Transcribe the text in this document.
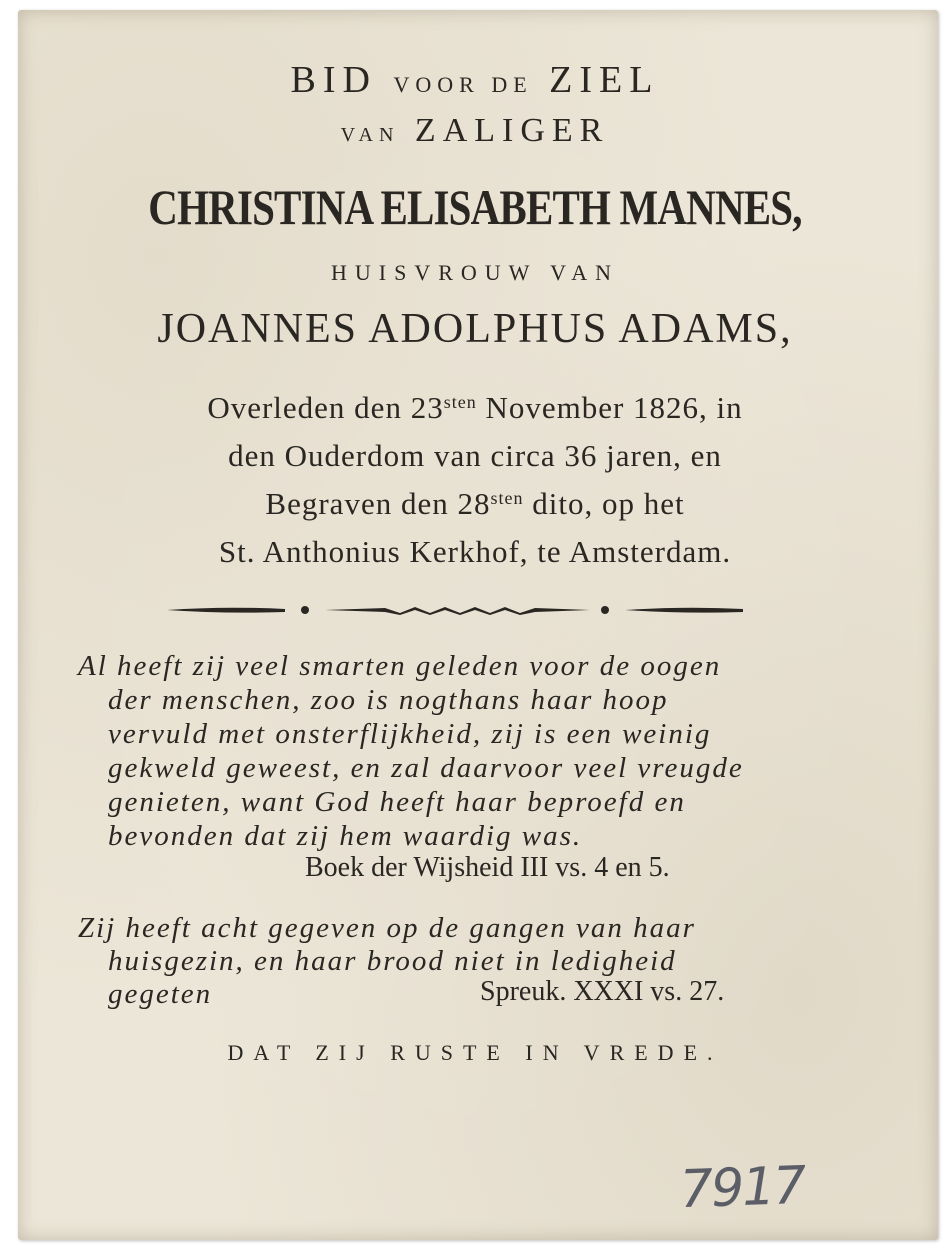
BID VOOR DE ZIEL
VAN ZALIGER
CHRISTINA ELISABETH MANNES,
HUISVROUW VAN
JOANNES ADOLPHUS ADAMS,
Overleden den $23^{sten}$ November 1826, in
den Ouderdom van circa 36 jaren, en
Begraven den $28^{sten}$ dito, op het
St. Anthonius Kerkhof, te Amsterdam.
Al heeft zij veel smarten geleden voor de oogen
der menschen, zoo is nogthans haar hoop
vervuld met onsterflijkheid, zij is een weinig
gekweld geweest, en zal daarvoor veel vreugde
genieten, want God heeft haar beproefd en
bevonden dat zij hem waardig was.
Boek der Wijsheid III vs. 4 en 5.
Zij heeft acht gegeven op de gangen van haar
huisgezin, en haar brood niet in ledigheid
gegeten	Spreuk. XXXI vs. 27.
DAT ZIJ RUSTE IN VREDE.
7917
